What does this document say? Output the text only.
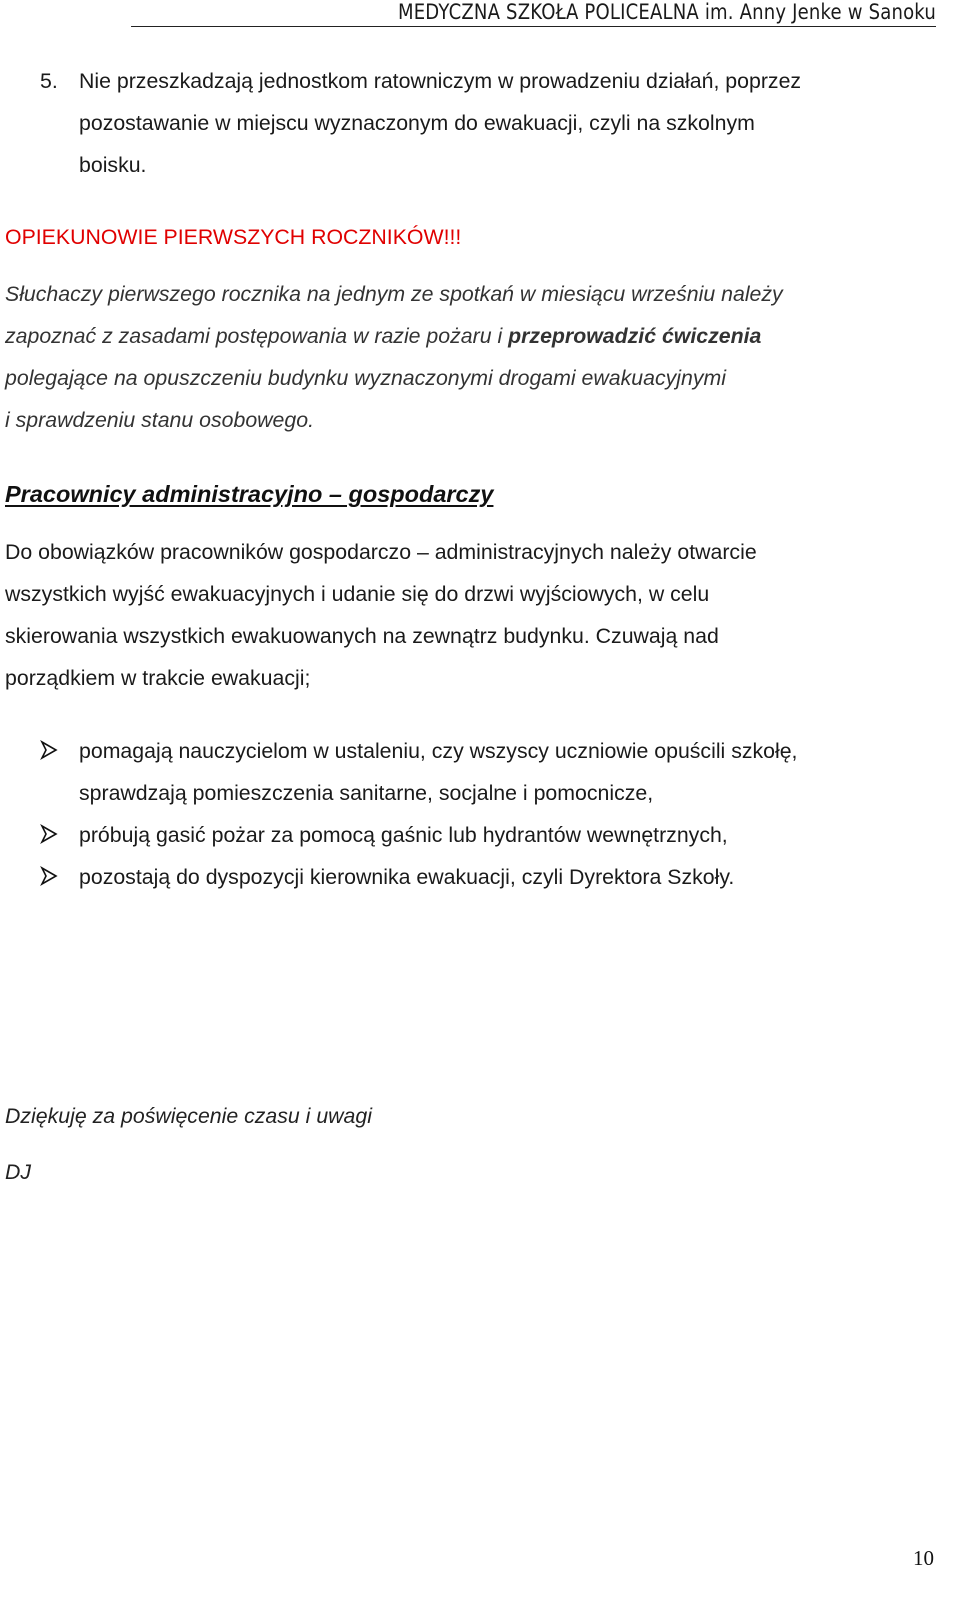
MEDYCZNA SZKOŁA POLICEALNA im. Anny Jenke w Sanoku
5. Nie przeszkadzają jednostkom ratowniczym w prowadzeniu działań, poprzez
pozostawanie w miejscu wyznaczonym do ewakuacji, czyli na szkolnym
boisku.
OPIEKUNOWIE PIERWSZYCH ROCZNIKÓW!!!
Słuchaczy pierwszego rocznika na jednym ze spotkań w miesiącu wrześniu należy
zapoznać z zasadami postępowania w razie pożaru i przeprowadzić ćwiczenia
polegające na opuszczeniu budynku wyznaczonymi drogami ewakuacyjnymi
i sprawdzeniu stanu osobowego.
Pracownicy administracyjno – gospodarczy
Do obowiązków pracowników gospodarczo – administracyjnych należy otwarcie
wszystkich wyjść ewakuacyjnych i udanie się do drzwi wyjściowych, w celu
skierowania wszystkich ewakuowanych na zewnątrz budynku. Czuwają nad
porządkiem w trakcie ewakuacji;
pomagają nauczycielom w ustaleniu, czy wszyscy uczniowie opuścili szkołę,
sprawdzają pomieszczenia sanitarne, socjalne i pomocnicze,
próbują gasić pożar za pomocą gaśnic lub hydrantów wewnętrznych,
pozostają do dyspozycji kierownika ewakuacji, czyli Dyrektora Szkoły.
Dziękuję za poświęcenie czasu i uwagi
DJ
10
